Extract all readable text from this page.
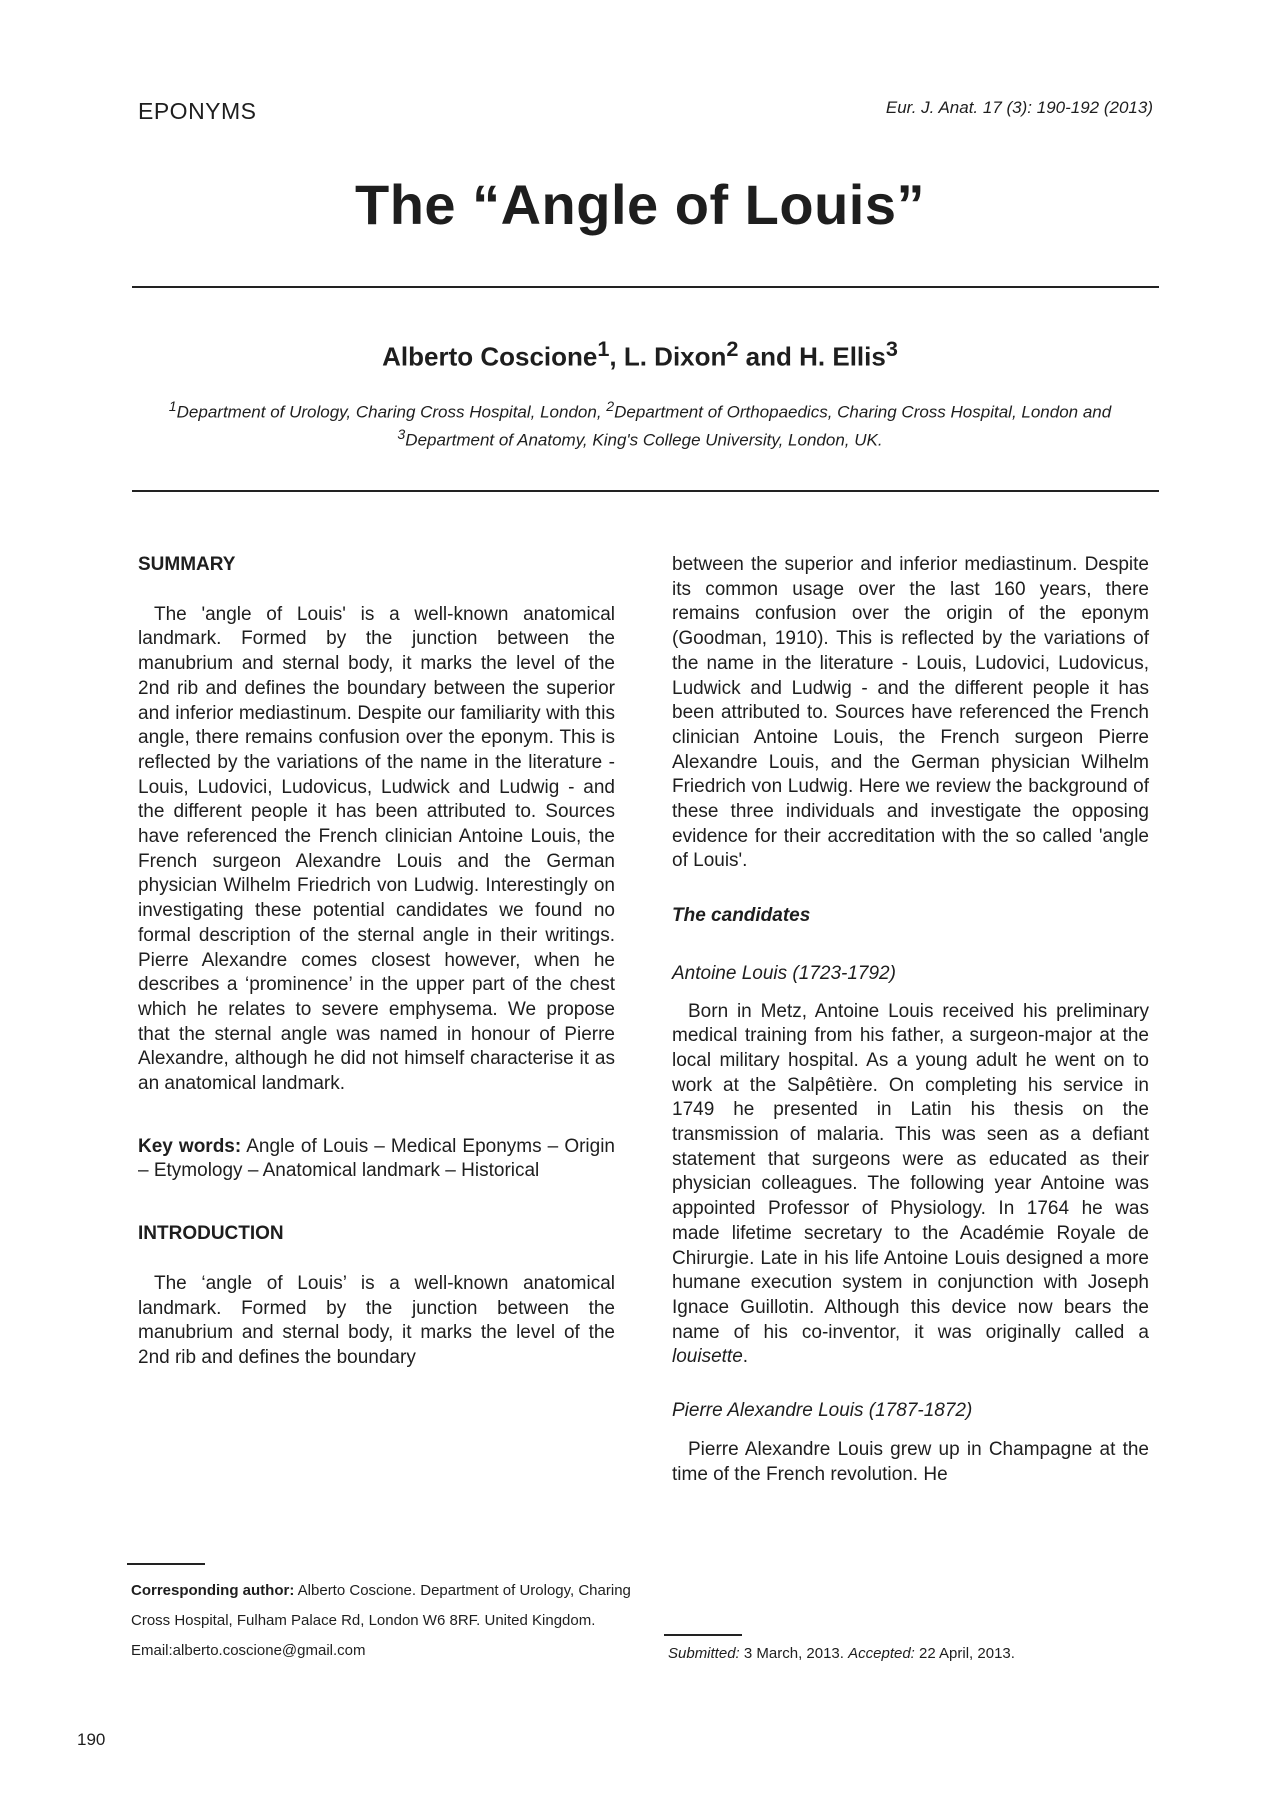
EPONYMS	Eur. J. Anat. 17 (3): 190-192 (2013)
The “Angle of Louis”
Alberto Coscione$^1$, L. Dixon$^2$ and H. Ellis$^3$
$^1$Department of Urology, Charing Cross Hospital, London, $^2$Department of Orthopaedics, Charing Cross Hospital, London and $^3$Department of Anatomy, King's College University, London, UK.
SUMMARY

The 'angle of Louis' is a well-known anatomical landmark. Formed by the junction between the manubrium and sternal body, it marks the level of the 2nd rib and defines the boundary between the superior and inferior mediastinum. Despite our familiarity with this angle, there remains confusion over the eponym. This is reflected by the variations of the name in the literature - Louis, Ludovici, Ludovicus, Ludwick and Ludwig - and the different people it has been attributed to. Sources have referenced the French clinician Antoine Louis, the French surgeon Alexandre Louis and the German physician Wilhelm Friedrich von Ludwig. Interestingly on investigating these potential candidates we found no formal description of the sternal angle in their writings. Pierre Alexandre comes closest however, when he describes a ‘prominence’ in the upper part of the chest which he relates to severe emphysema. We propose that the sternal angle was named in honour of Pierre Alexandre, although he did not himself characterise it as an anatomical landmark.

Key words: Angle of Louis – Medical Eponyms – Origin – Etymology – Anatomical landmark – Historical

INTRODUCTION

The ‘angle of Louis’ is a well-known anatomical landmark. Formed by the junction between the manubrium and sternal body, it marks the level of the 2nd rib and defines the boundary

between the superior and inferior mediastinum. Despite its common usage over the last 160 years, there remains confusion over the origin of the eponym (Goodman, 1910). This is reflected by the variations of the name in the literature - Louis, Ludovici, Ludovicus, Ludwick and Ludwig - and the different people it has been attributed to. Sources have referenced the French clinician Antoine Louis, the French surgeon Pierre Alexandre Louis, and the German physician Wilhelm Friedrich von Ludwig. Here we review the background of these three individuals and investigate the opposing evidence for their accreditation with the so called 'angle of Louis'.

The candidates
Antoine Louis (1723-1792)

Born in Metz, Antoine Louis received his preliminary medical training from his father, a surgeon-major at the local military hospital. As a young adult he went on to work at the Salpêtière. On completing his service in 1749 he presented in Latin his thesis on the transmission of malaria. This was seen as a defiant statement that surgeons were as educated as their physician colleagues. The following year Antoine was appointed Professor of Physiology. In 1764 he was made lifetime secretary to the Académie Royale de Chirurgie. Late in his life Antoine Louis designed a more humane execution system in conjunction with Joseph Ignace Guillotin. Although this device now bears the name of his co-inventor, it was originally called a louisette.

Pierre Alexandre Louis (1787-1872)

Pierre Alexandre Louis grew up in Champagne at the time of the French revolution. He

Corresponding author: Alberto Coscione. Department of Urology, Charing Cross Hospital, Fulham Palace Rd, London W6 8RF. United Kingdom. Email:alberto.coscione@gmail.com	Submitted: 3 March, 2013. Accepted: 22 April, 2013.
190
